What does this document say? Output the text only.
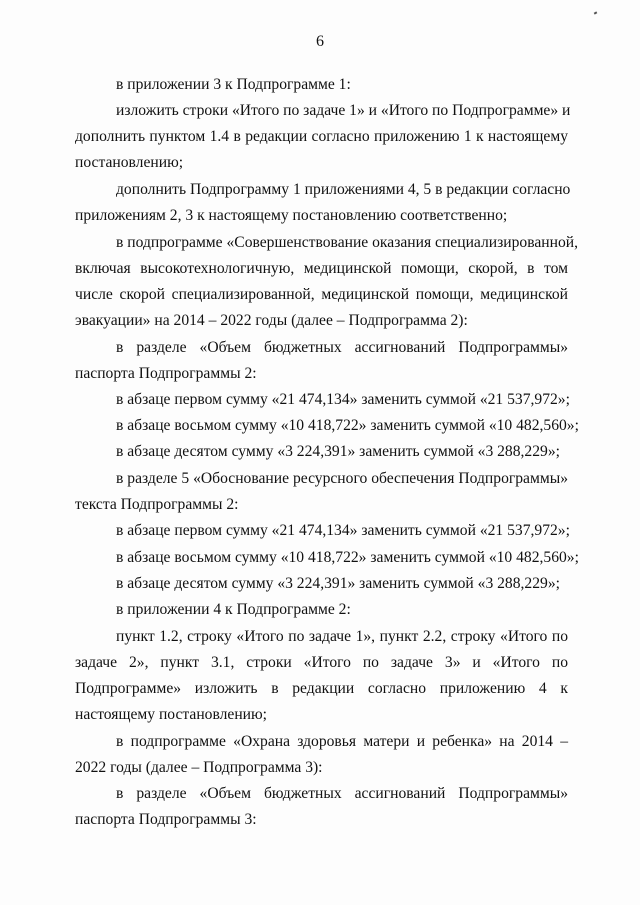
6
в приложении 3 к Подпрограмме 1:
изложить строки «Итого по задаче 1» и «Итого по Подпрограмме» и
дополнить пунктом 1.4 в редакции согласно приложению 1 к настоящему
постановлению;
дополнить Подпрограмму 1 приложениями 4, 5 в редакции согласно
приложениям 2, 3 к настоящему постановлению соответственно;
в подпрограмме «Совершенствование оказания специализированной,
включая высокотехнологичную, медицинской помощи, скорой, в том
числе скорой специализированной, медицинской помощи, медицинской
эвакуации» на 2014 – 2022 годы (далее – Подпрограмма 2):
в разделе «Объем бюджетных ассигнований Подпрограммы»
паспорта Подпрограммы 2:
в абзаце первом сумму «21 474,134» заменить суммой «21 537,972»;
в абзаце восьмом сумму «10 418,722» заменить суммой «10 482,560»;
в абзаце десятом сумму «3 224,391» заменить суммой «3 288,229»;
в разделе 5 «Обоснование ресурсного обеспечения Подпрограммы»
текста Подпрограммы 2:
в абзаце первом сумму «21 474,134» заменить суммой «21 537,972»;
в абзаце восьмом сумму «10 418,722» заменить суммой «10 482,560»;
в абзаце десятом сумму «3 224,391» заменить суммой «3 288,229»;
в приложении 4 к Подпрограмме 2:
пункт 1.2, строку «Итого по задаче 1», пункт 2.2, строку «Итого по
задаче 2», пункт 3.1, строки «Итого по задаче 3» и «Итого по
Подпрограмме» изложить в редакции согласно приложению 4 к
настоящему постановлению;
в подпрограмме «Охрана здоровья матери и ребенка» на 2014 –
2022 годы (далее – Подпрограмма 3):
в разделе «Объем бюджетных ассигнований Подпрограммы»
паспорта Подпрограммы 3:
